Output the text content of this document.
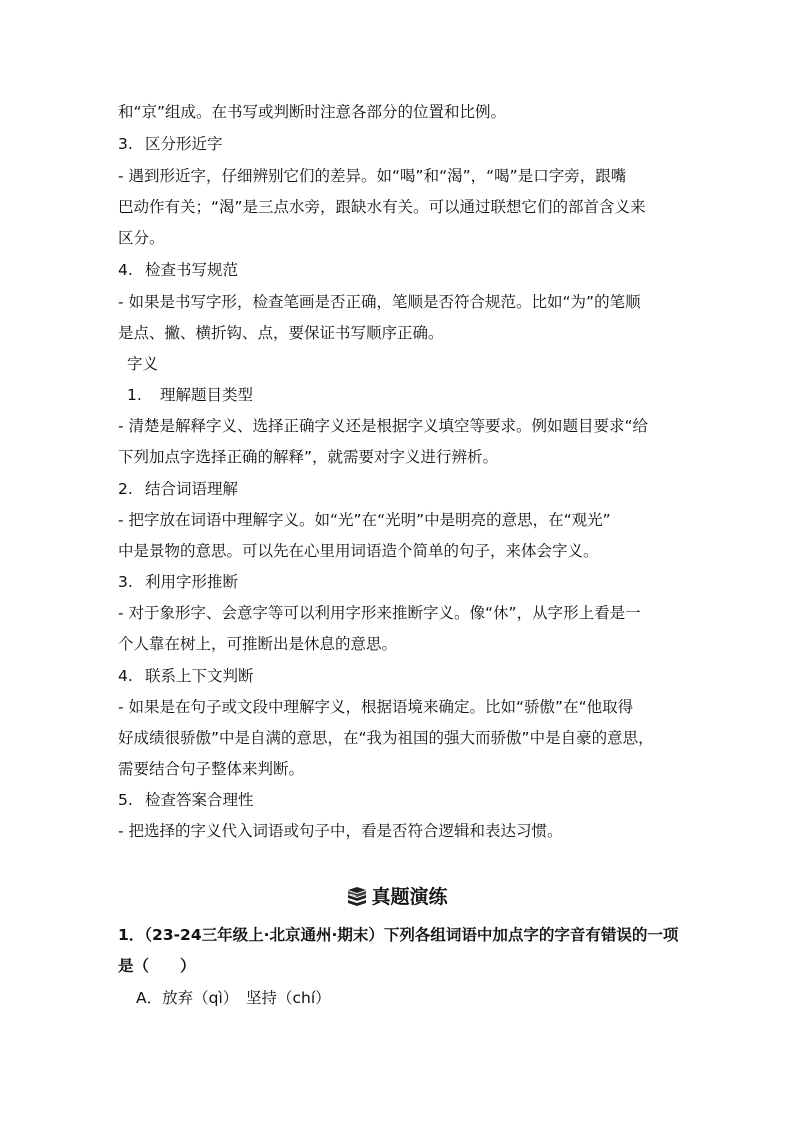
和“京”组成。在书写或判断时注意各部分的位置和比例。
3. 区分形近字
- 遇到形近字，仔细辨别它们的差异。如“喝”和“渴”，“喝”是口字旁，跟嘴
巴动作有关；“渴”是三点水旁，跟缺水有关。可以通过联想它们的部首含义来
区分。
4. 检查书写规范
- 如果是书写字形，检查笔画是否正确，笔顺是否符合规范。比如“为”的笔顺
是点、撇、横折钩、点，要保证书写顺序正确。
字义
1. 理解题目类型
- 清楚是解释字义、选择正确字义还是根据字义填空等要求。例如题目要求“给
下列加点字选择正确的解释”，就需要对字义进行辨析。
2. 结合词语理解
- 把字放在词语中理解字义。如“光”在“光明”中是明亮的意思，在“观光”
中是景物的意思。可以先在心里用词语造个简单的句子，来体会字义。
3. 利用字形推断
- 对于象形字、会意字等可以利用字形来推断字义。像“休”，从字形上看是一
个人靠在树上，可推断出是休息的意思。
4. 联系上下文判断
- 如果是在句子或文段中理解字义，根据语境来确定。比如“骄傲”在“他取得
好成绩很骄傲”中是自满的意思，在“我为祖国的强大而骄傲”中是自豪的意思，
需要结合句子整体来判断。
5. 检查答案合理性
- 把选择的字义代入词语或句子中，看是否符合逻辑和表达习惯。
真题演练
1．（23-24三年级上·北京通州·期末）下列各组词语中加点字的字音有错误的一项
是（　　）
A．放弃（qì）　坚持（chí）
